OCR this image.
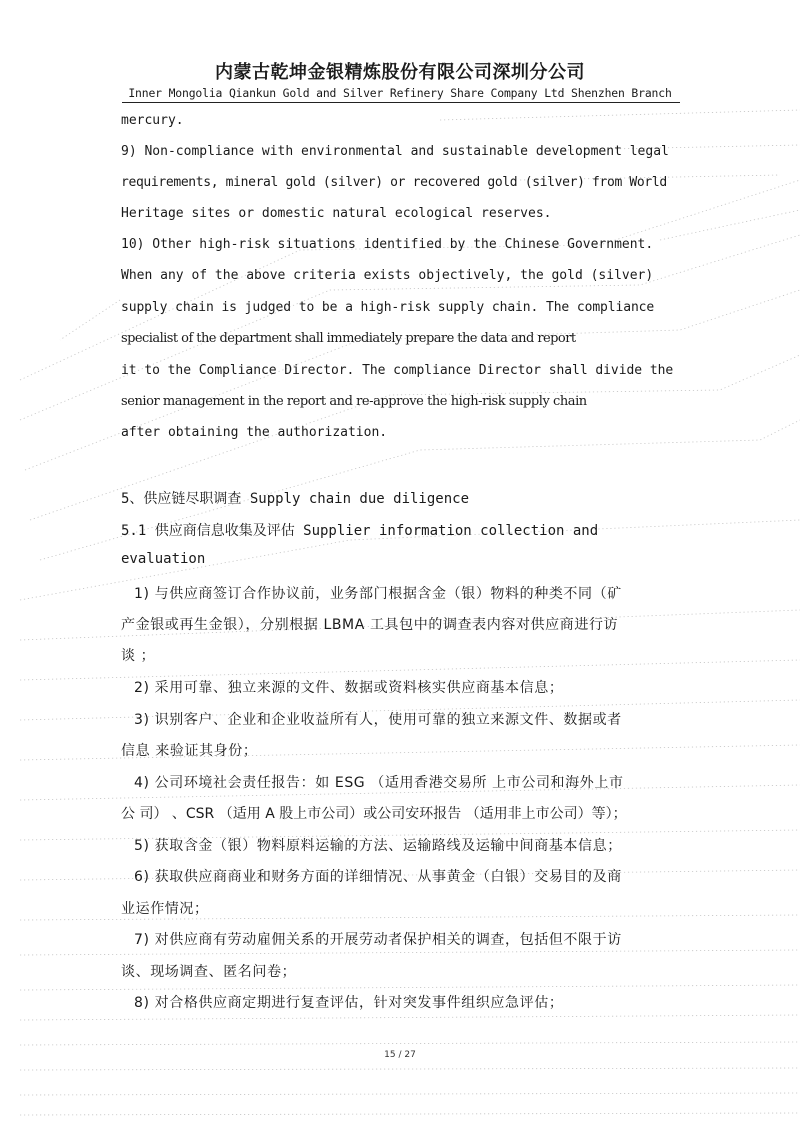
内蒙古乾坤金银精炼股份有限公司深圳分公司
Inner Mongolia Qiankun Gold and Silver Refinery Share Company Ltd Shenzhen Branch
mercury.
9) Non-compliance with environmental and sustainable development legal
requirements, mineral gold (silver) or recovered gold (silver) from World
Heritage sites or domestic natural ecological reserves.
10) Other high-risk situations identified by the Chinese Government.
When any of the above criteria exists objectively, the gold (silver)
supply chain is judged to be a high-risk supply chain. The compliance
specialist of the department shall immediately prepare the data and report
it to the Compliance Director. The compliance Director shall divide the
senior management in the report and re-approve the high-risk supply chain
after obtaining the authorization.
5、供应链尽职调查 Supply chain due diligence
5.1 供应商信息收集及评估 Supplier information collection and
evaluation
1) 与供应商签订合作协议前，业务部门根据含金（银）物料的种类不同（矿
产金银或再生金银），分别根据 LBMA 工具包中的调查表内容对供应商进行访
谈 ；
2) 采用可靠、独立来源的文件、数据或资料核实供应商基本信息；
3) 识别客户、企业和企业收益所有人，使用可靠的独立来源文件、数据或者
信息 来验证其身份；
4) 公司环境社会责任报告：如 ESG （适用香港交易所 上市公司和海外上市
公 司） 、CSR （适用 A 股上市公司）或公司安环报告 （适用非上市公司）等）；
5) 获取含金（银）物料原料运输的方法、运输路线及运输中间商基本信息；
6) 获取供应商商业和财务方面的详细情况、从事黄金（白银）交易目的及商
业运作情况；
7) 对供应商有劳动雇佣关系的开展劳动者保护相关的调查，包括但不限于访
谈、现场调查、匿名问卷；
8) 对合格供应商定期进行复查评估，针对突发事件组织应急评估；
15 / 27
